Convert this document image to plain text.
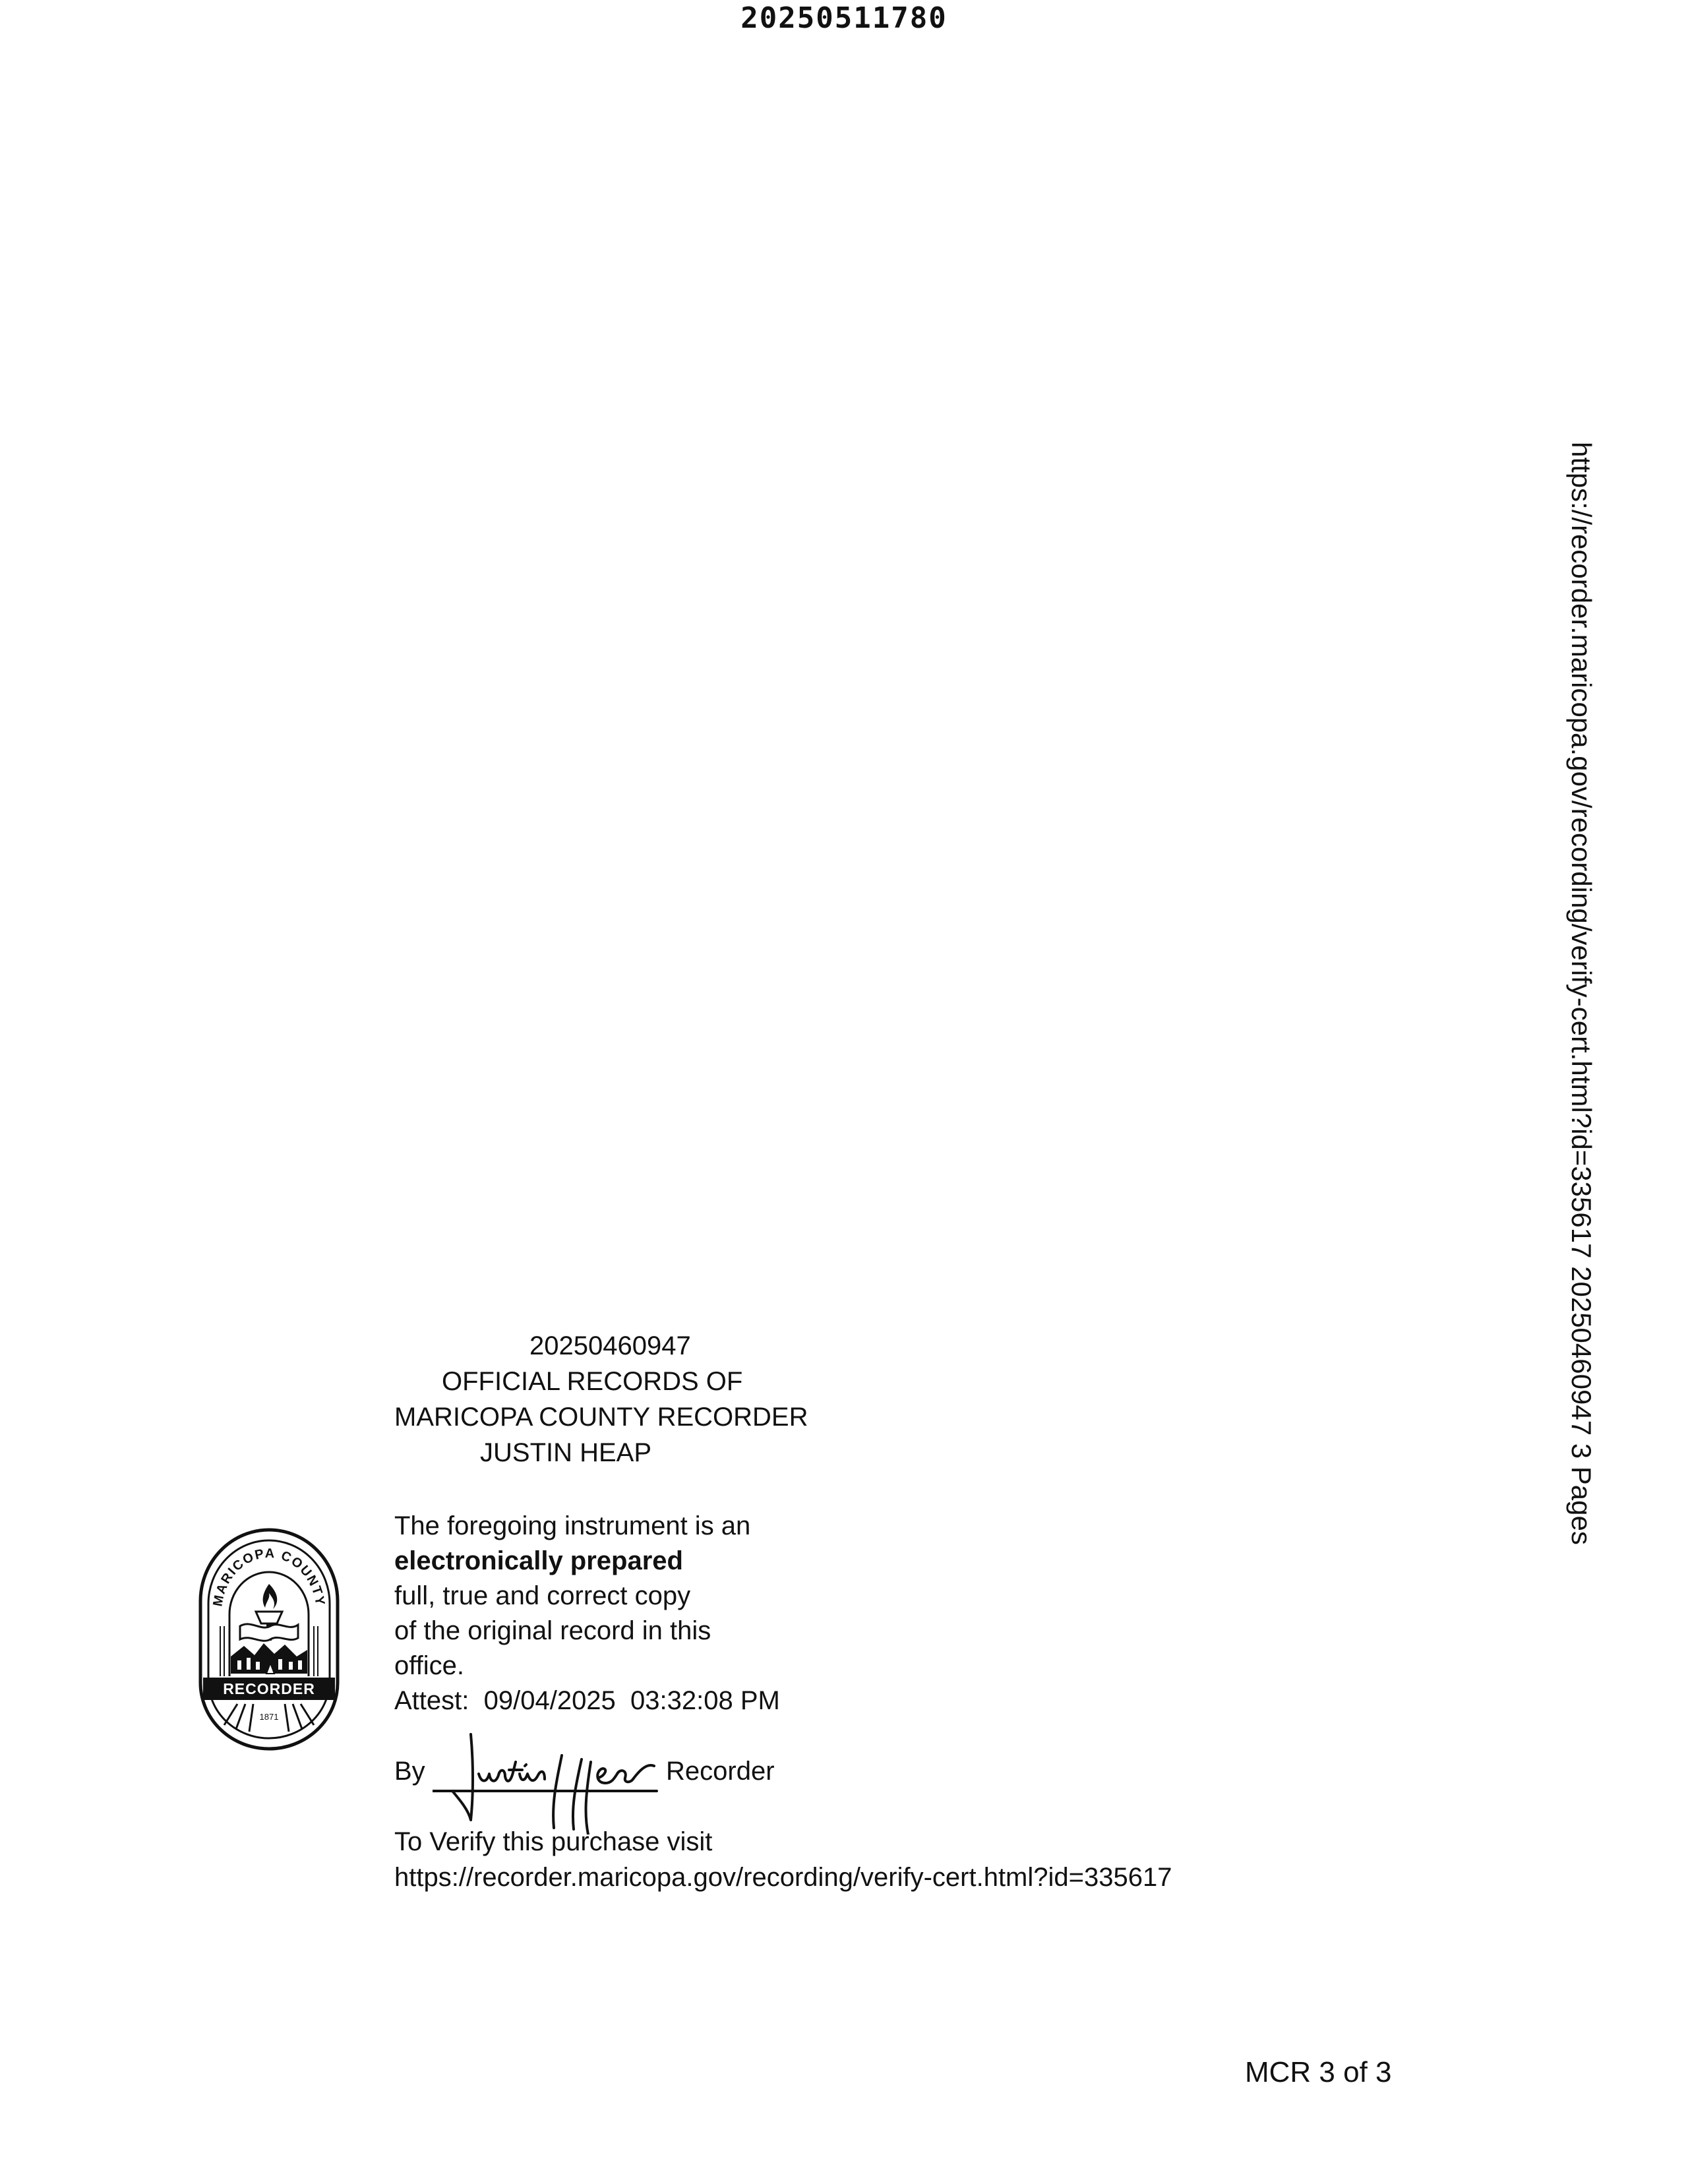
20250511780
https://recorder.maricopa.gov/recording/verify-cert.html?id=335617 20250460947 3 Pages
MARICOPA COUNTY
RECORDER
1871
20250460947
OFFICIAL RECORDS OF
MARICOPA COUNTY RECORDER
JUSTIN HEAP
The foregoing instrument is an
electronically prepared
full, true and correct copy
of the original record in this
office.
Attest:  09/04/2025  03:32:08 PM
By	Recorder
To Verify this purchase visit
https://recorder.maricopa.gov/recording/verify-cert.html?id=335617
MCR 3 of 3
